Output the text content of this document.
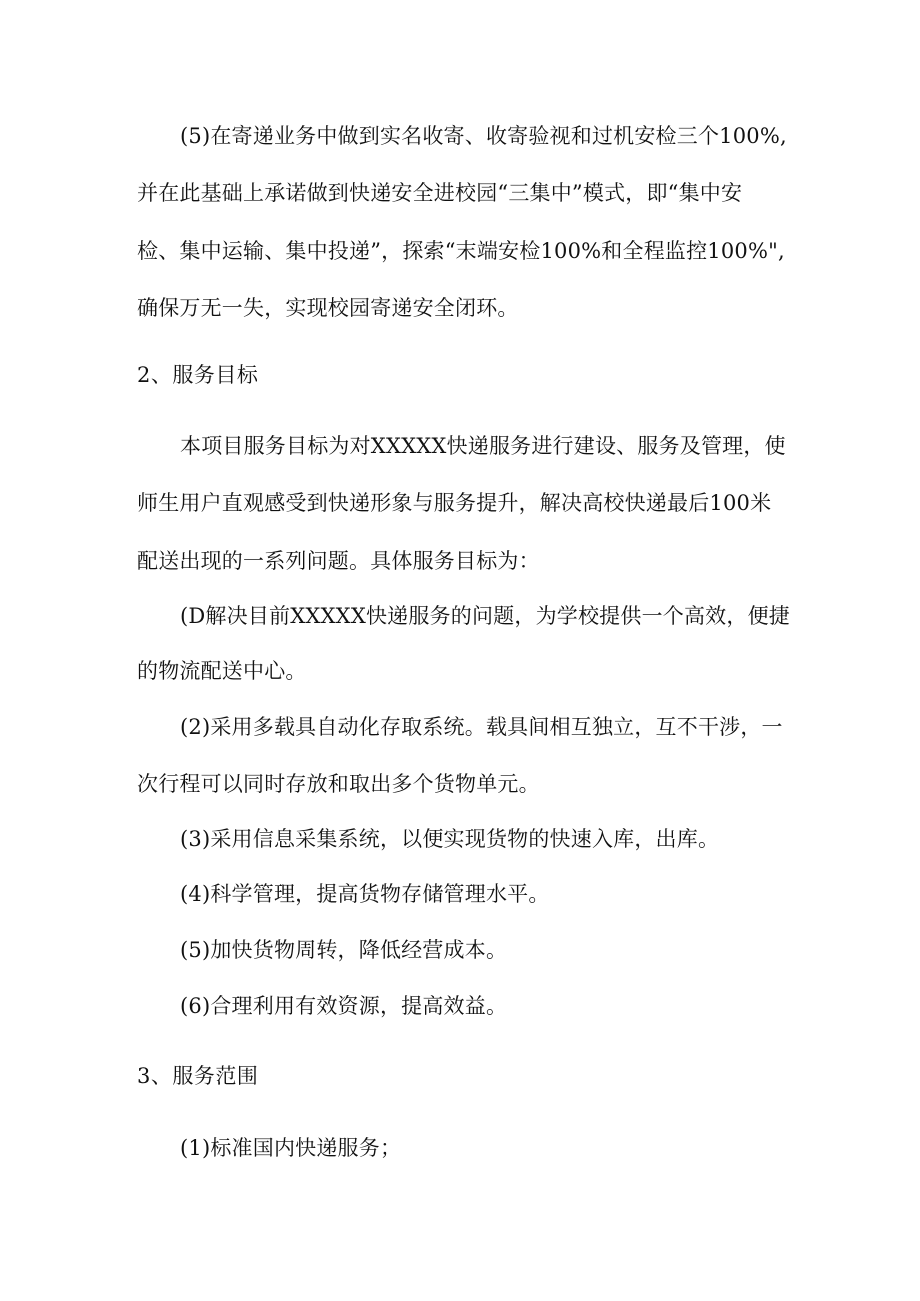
(5)在寄递业务中做到实名收寄、收寄验视和过机安检三个100%,
并在此基础上承诺做到快递安全进校园“三集中”模式，即“集中安
检、集中运输、集中投递”，探索“末端安检100%和全程监控100%",
确保万无一失，实现校园寄递安全闭环。
2、服务目标
本项目服务目标为对XXXXX快递服务进行建设、服务及管理，使
师生用户直观感受到快递形象与服务提升，解决高校快递最后100米
配送出现的一系列问题。具体服务目标为：
(D解决目前XXXXX快递服务的问题，为学校提供一个高效，便捷
的物流配送中心。
(2)采用多载具自动化存取系统。载具间相互独立，互不干涉，一
次行程可以同时存放和取出多个货物单元。
(3)采用信息采集系统，以便实现货物的快速入库，出库。
(4)科学管理，提高货物存储管理水平。
(5)加快货物周转，降低经营成本。
(6)合理利用有效资源，提高效益。
3、服务范围
(1)标准国内快递服务；
